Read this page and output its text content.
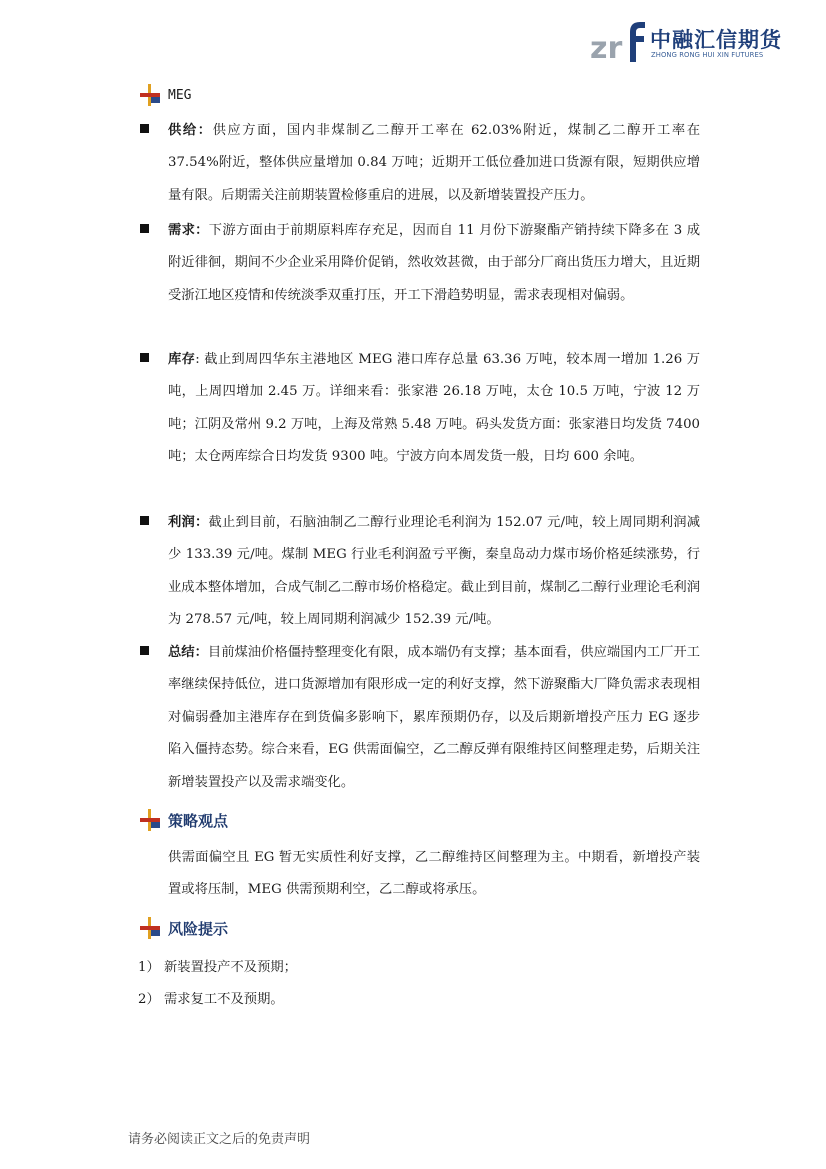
zr 中融汇信期货
ZHONG RONG HUI XIN FUTURES
MEG
供给：供应方面，国内非煤制乙二醇开工率在 62.03%附近，煤制乙二醇开工率在 37.54%附近，整体供应量增加 0.84 万吨；近期开工低位叠加进口货源有限，短期供应增量有限。后期需关注前期装置检修重启的进展，以及新增装置投产压力。
需求：下游方面由于前期原料库存充足，因而自 11 月份下游聚酯产销持续下降多在 3 成附近徘徊，期间不少企业采用降价促销，然收效甚微，由于部分厂商出货压力增大，且近期受浙江地区疫情和传统淡季双重打压，开工下滑趋势明显，需求表现相对偏弱。
库存: 截止到周四华东主港地区 MEG 港口库存总量 63.36 万吨，较本周一增加 1.26 万吨，上周四增加 2.45 万。详细来看：张家港 26.18 万吨，太仓 10.5 万吨，宁波 12 万吨；江阴及常州 9.2 万吨，上海及常熟 5.48 万吨。码头发货方面：张家港日均发货 7400 吨；太仓两库综合日均发货 9300 吨。宁波方向本周发货一般，日均 600 余吨。
利润：截止到目前，石脑油制乙二醇行业理论毛利润为 152.07 元/吨，较上周同期利润减少 133.39 元/吨。煤制 MEG 行业毛利润盈亏平衡，秦皇岛动力煤市场价格延续涨势，行业成本整体增加，合成气制乙二醇市场价格稳定。截止到目前，煤制乙二醇行业理论毛利润为 278.57 元/吨，较上周同期利润减少 152.39 元/吨。
总结：目前煤油价格僵持整理变化有限，成本端仍有支撑；基本面看，供应端国内工厂开工率继续保持低位，进口货源增加有限形成一定的利好支撑，然下游聚酯大厂降负需求表现相对偏弱叠加主港库存在到货偏多影响下，累库预期仍存，以及后期新增投产压力 EG 逐步陷入僵持态势。综合来看，EG 供需面偏空，乙二醇反弹有限维持区间整理走势，后期关注新增装置投产以及需求端变化。
策略观点
供需面偏空且 EG 暂无实质性利好支撑，乙二醇维持区间整理为主。中期看，新增投产装置或将压制，MEG 供需预期利空，乙二醇或将承压。
风险提示
1） 新装置投产不及预期；
2） 需求复工不及预期。
请务必阅读正文之后的免责声明
